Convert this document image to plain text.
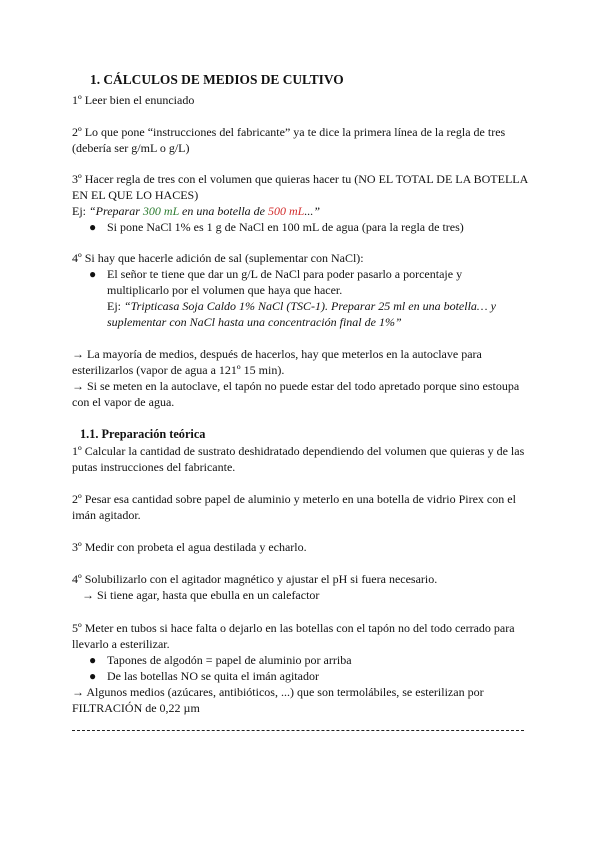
1. CÁLCULOS DE MEDIOS DE CULTIVO

1º Leer bien el enunciado

2º Lo que pone “instrucciones del fabricante” ya te dice la primera línea de la regla de tres (debería ser g/mL o g/L)

3º Hacer regla de tres con el volumen que quieras hacer tu (NO EL TOTAL DE LA BOTELLA EN EL QUE LO HACES)

Ej: “Preparar 300 mL en una botella de 500 mL...”

● Si pone NaCl 1% es 1 g de NaCl en 100 mL de agua (para la regla de tres)

4º Si hay que hacerle adición de sal (suplementar con NaCl):

● El señor te tiene que dar un g/L de NaCl para poder pasarlo a porcentaje y multiplicarlo por el volumen que haya que hacer.
Ej: “Tripticasa Soja Caldo 1% NaCl (TSC-1). Preparar 25 ml en una botella… y suplementar con NaCl hasta una concentración final de 1%”

→ La mayoría de medios, después de hacerlos, hay que meterlos en la autoclave para esterilizarlos (vapor de agua a 121º 15 min).

→ Si se meten en la autoclave, el tapón no puede estar del todo apretado porque sino estoupa con el vapor de agua.

1.1. Preparación teórica

1º Calcular la cantidad de sustrato deshidratado dependiendo del volumen que quieras y de las putas instrucciones del fabricante.

2º Pesar esa cantidad sobre papel de aluminio y meterlo en una botella de vidrio Pirex con el imán agitador.

3º Medir con probeta el agua destilada y echarlo.

4º Solubilizarlo con el agitador magnético y ajustar el pH si fuera necesario.

→ Si tiene agar, hasta que ebulla en un calefactor

5º Meter en tubos si hace falta o dejarlo en las botellas con el tapón no del todo cerrado para llevarlo a esterilizar.

● Tapones de algodón = papel de aluminio por arriba
● De las botellas NO se quita el imán agitador

→ Algunos medios (azúcares, antibióticos, ...) que son termolábiles, se esterilizan por FILTRACIÓN de 0,22 µm
